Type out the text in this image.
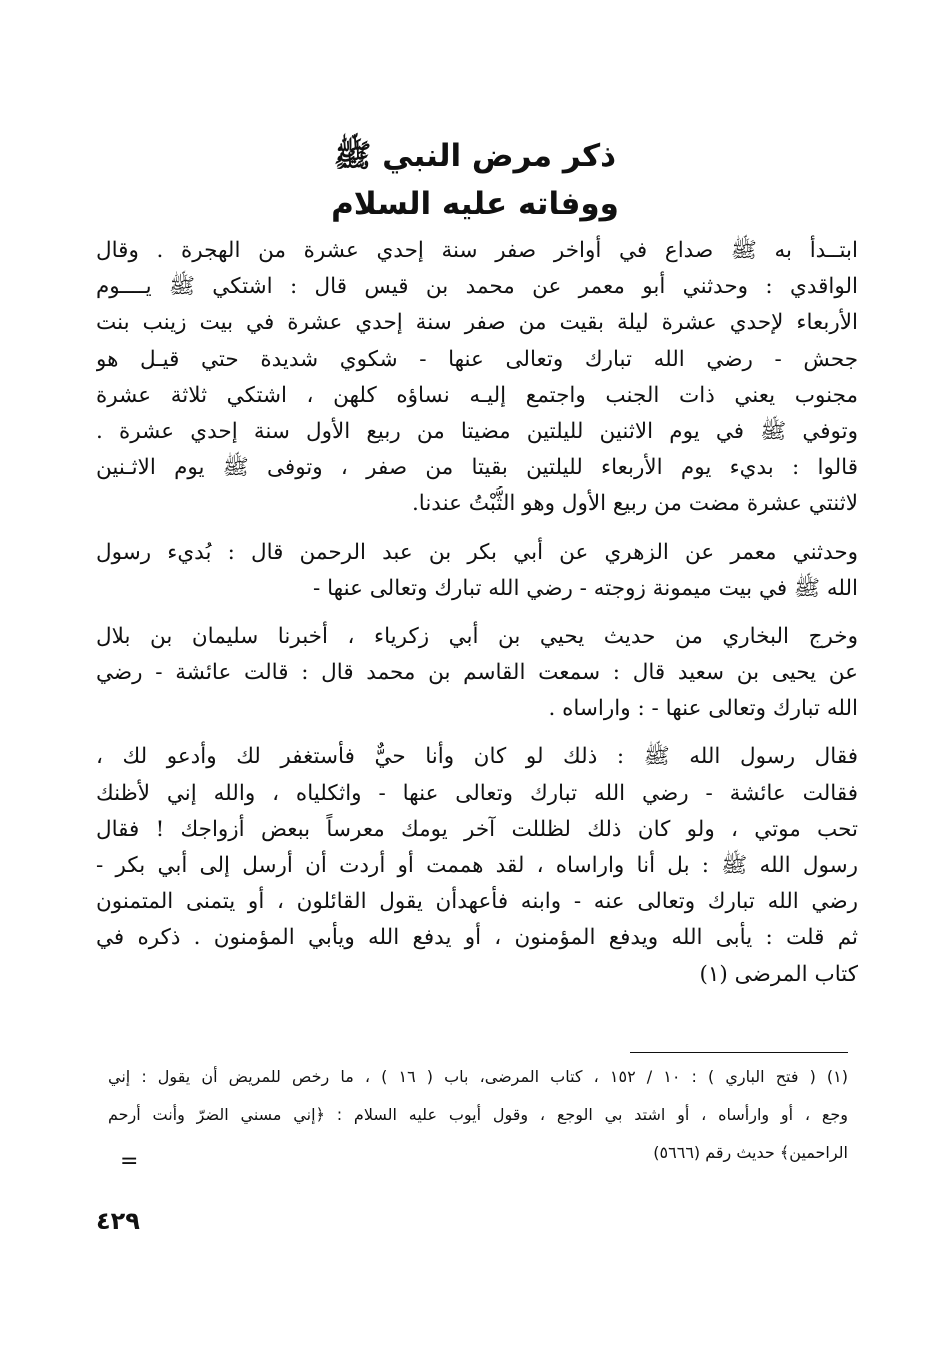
ذكر مرض النبي ﷺ
ووفاته عليه السلام
ابتــدأ به ﷺ صداع في أواخر صفر سنة إحدي عشرة من الهجرة . وقال
الواقدي : وحدثني أبو معمر عن محمد بن قيس قال : اشتكي ﷺ يــــوم
الأربعاء لإحدي عشرة ليلة بقيت من صفر سنة إحدي عشرة في بيت زينب بنت
جحش - رضي الله تبارك وتعالى عنها - شكوي شديدة حتي قيـل هو
مجنوب يعني ذات الجنب واجتمع إليـه نساؤه كلهن ، اشتكي ثلاثة عشرة
وتوفي ﷺ في يوم الاثنين لليلتين مضيتا من ربيع الأول سنة إحدي عشرة .
قالوا : بديء يوم الأربعاء لليلتين بقيتا من صفر ، وتوفى ﷺ يوم الاثـنين
لاثنتي عشرة مضت من ربيع الأول وهو الثُّبْتُ عندنا.
وحدثني معمر عن الزهري عن أبي بكر بن عبد الرحمن قال : بُديء رسول
الله ﷺ في بيت ميمونة زوجته - رضي الله تبارك وتعالى عنها -
وخرج البخاري من حديث يحيي بن أبي زكرياء ، أخبرنا سليمان بن بلال
عن يحيى بن سعيد قال : سمعت القاسم بن محمد قال : قالت عائشة - رضي
الله تبارك وتعالى عنها - : واراساه .
فقال رسول الله ﷺ : ذلك لو كان وأنا حيٌّ فأستغفر لك وأدعو لك ،
فقالت عائشة - رضي الله تبارك وتعالى عنها - واثكلياه ، والله إني لأظنك
تحب موتي ، ولو كان ذلك لظللت آخر يومك معرساً ببعض أزواجك ! فقال
رسول الله ﷺ : بل أنا واراساه ، لقد هممت أو أردت أن أرسل إلى أبي بكر -
رضي الله تبارك وتعالى عنه - وابنه فأعهدأن يقول القائلون ، أو يتمنى المتمنون
ثم قلت : يأبى الله ويدفع المؤمنون ، أو يدفع الله ويأبي المؤمنون . ذكره في
كتاب المرضى (١)
(١) ( فتح الباري ) : ١٠ / ١٥٢ ، كتاب المرضى، باب ( ١٦ ) ، ما رخص للمريض أن يقول : إني
وجع ، أو وارأساه ، أو اشتد بي الوجع ، وقول أيوب عليه السلام : ﴿إني مسني الضرّ وأنت أرحم
الراحمين﴾ حديث رقم (٥٦٦٦)
=
٤٢٩
